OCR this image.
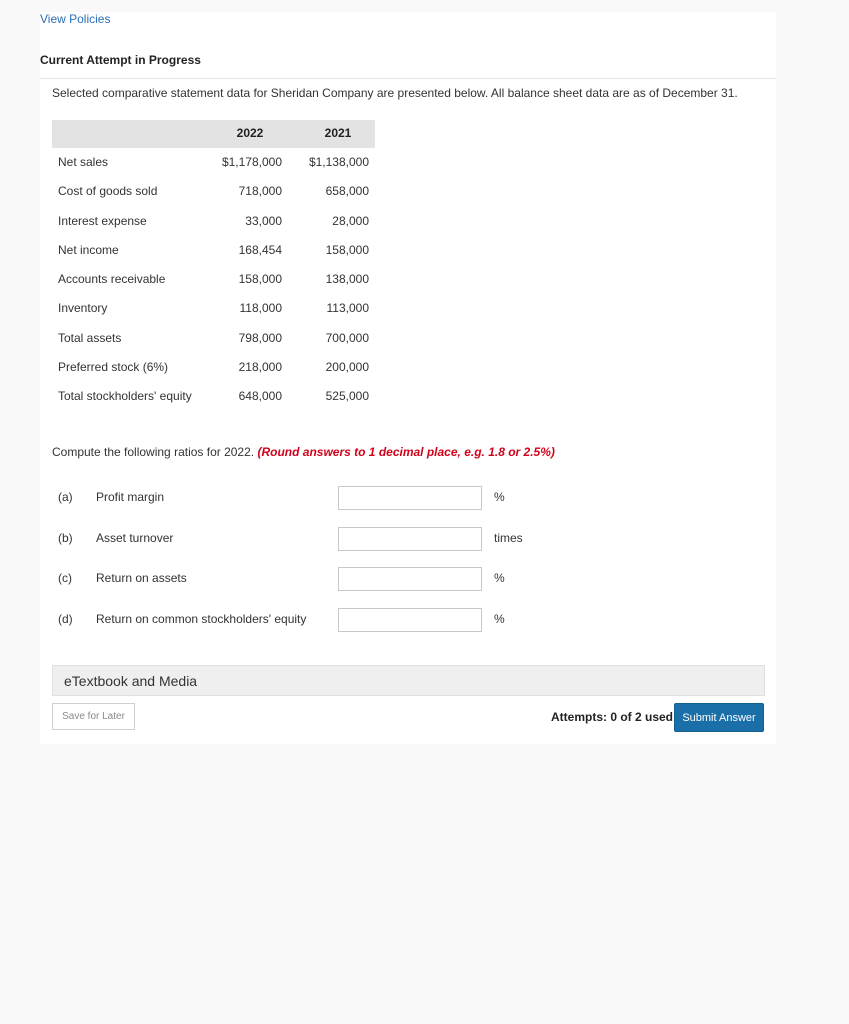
View Policies
Current Attempt in Progress
Selected comparative statement data for Sheridan Company are presented below. All balance sheet data are as of December 31.
2022	2021
Net sales	$1,178,000	$1,138,000
Cost of goods sold	718,000	658,000
Interest expense	33,000	28,000
Net income	168,454	158,000
Accounts receivable	158,000	138,000
Inventory	118,000	113,000
Total assets	798,000	700,000
Preferred stock (6%)	218,000	200,000
Total stockholders' equity	648,000	525,000
Compute the following ratios for 2022. (Round answers to 1 decimal place, e.g. 1.8 or 2.5%)
(a) Profit margin	%
(b) Asset turnover	times
(c) Return on assets	%
(d) Return on common stockholders' equity	%
eTextbook and Media
Save for Later	Attempts: 0 of 2 used Submit Answer
